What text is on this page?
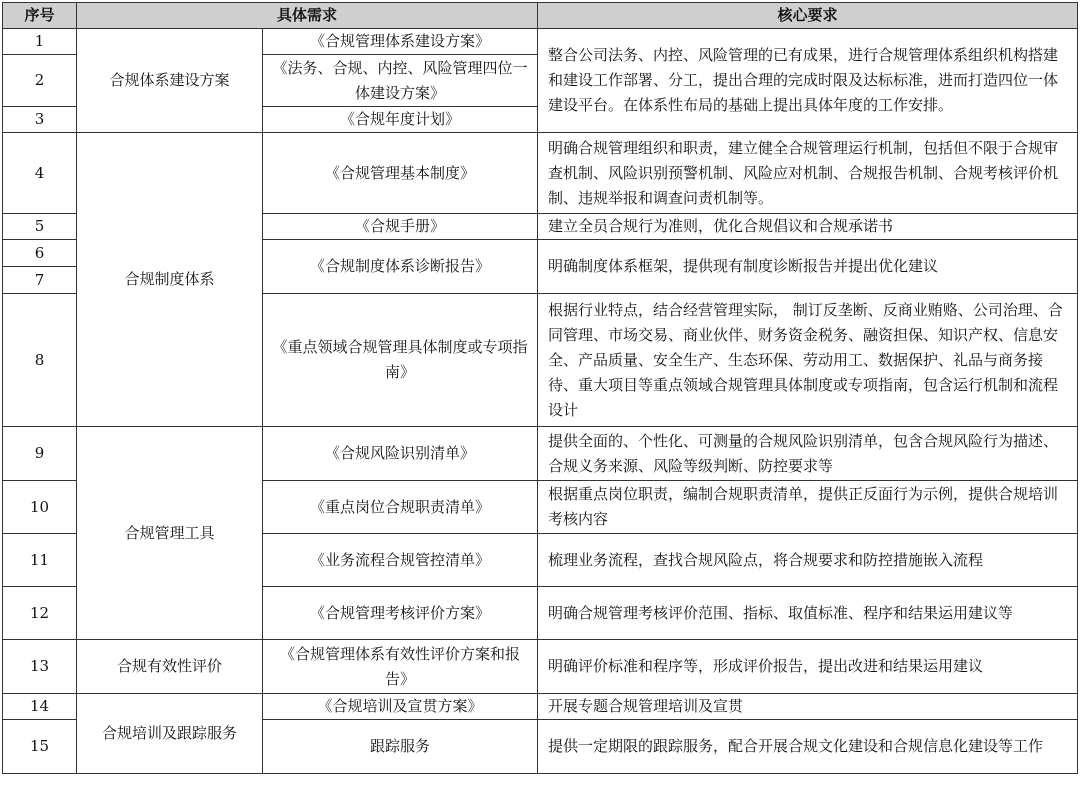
序号	具体需求		核心要求
1	合规体系建设方案	《合规管理体系建设方案》	整合公司法务、内控、风险管理的已有成果，进行合规管理体系组织机构搭建和建设工作部署、分工，提出合理的完成时限及达标标准，进而打造四位一体建设平台。在体系性布局的基础上提出具体年度的工作安排。
2		《法务、合规、内控、风险管理四位一体建设方案》	
3		《合规年度计划》	
4	合规制度体系	《合规管理基本制度》	明确合规管理组织和职责，建立健全合规管理运行机制，包括但不限于合规审查机制、风险识别预警机制、风险应对机制、合规报告机制、合规考核评价机制、违规举报和调查问责机制等。
5		《合规手册》	建立全员合规行为准则，优化合规倡议和合规承诺书
6		《合规制度体系诊断报告》	明确制度体系框架，提供现有制度诊断报告并提出优化建议
7			
8		《重点领域合规管理具体制度或专项指南》	根据行业特点，结合经营管理实际， 制订反垄断、反商业贿赂、公司治理、合同管理、市场交易、商业伙伴、财务资金税务、融资担保、知识产权、信息安全、产品质量、安全生产、生态环保、劳动用工、数据保护、礼品与商务接待、重大项目等重点领域合规管理具体制度或专项指南，包含运行机制和流程设计
9	合规管理工具	《合规风险识别清单》	提供全面的、个性化、可测量的合规风险识别清单，包含合规风险行为描述、合规义务来源、风险等级判断、防控要求等
10		《重点岗位合规职责清单》	根据重点岗位职责，编制合规职责清单，提供正反面行为示例，提供合规培训考核内容
11		《业务流程合规管控清单》	梳理业务流程，查找合规风险点，将合规要求和防控措施嵌入流程
12		《合规管理考核评价方案》	明确合规管理考核评价范围、指标、取值标准、程序和结果运用建议等
13	合规有效性评价	《合规管理体系有效性评价方案和报告》	明确评价标准和程序等，形成评价报告，提出改进和结果运用建议
14	合规培训及跟踪服务	《合规培训及宣贯方案》	开展专题合规管理培训及宣贯
15		跟踪服务	提供一定期限的跟踪服务，配合开展合规文化建设和合规信息化建设等工作
